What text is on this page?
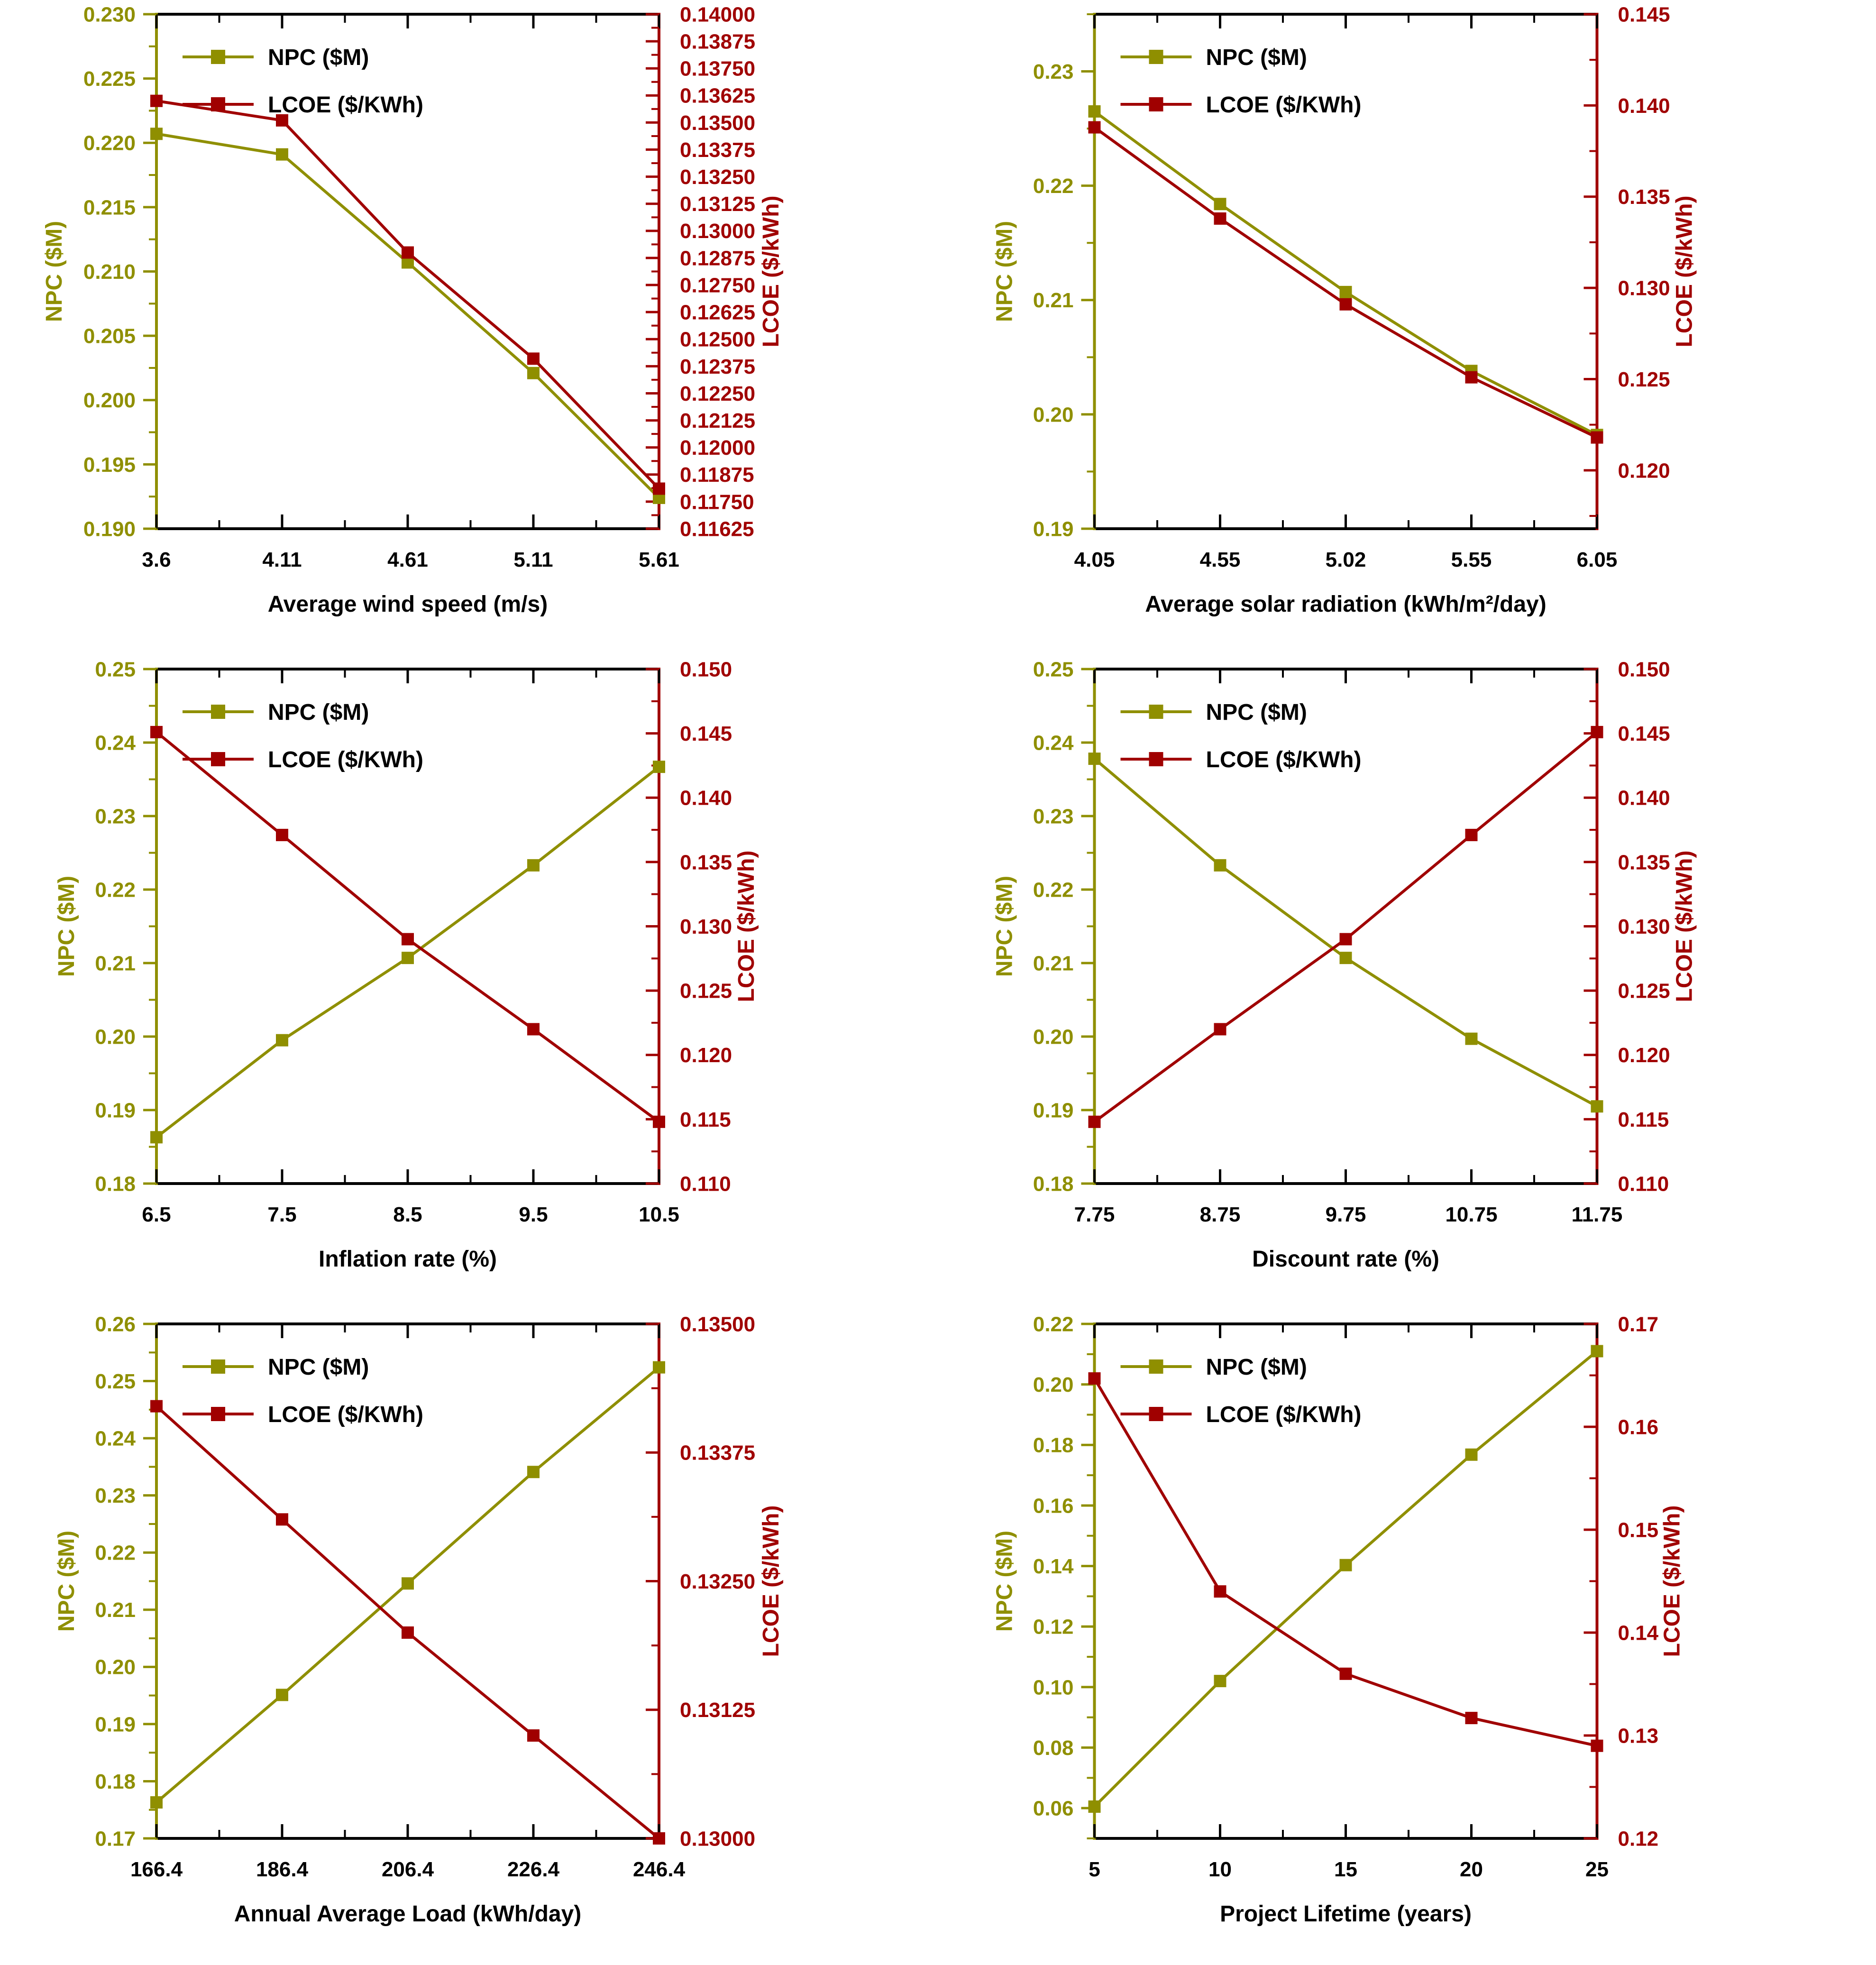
3.6	4.11	4.61	5.11	5.61
Average wind speed (m/s)
0.190
0.195
0.200
0.205
0.210
0.215
0.220
0.225
0.230
NPC ($M)
0.11625
0.11750
0.11875
0.12000
0.12125
0.12250
0.12375
0.12500
0.12625
0.12750
0.12875
0.13000
0.13125
0.13250
0.13375
0.13500
0.13625
0.13750
0.13875
0.14000
LCOE ($/kWh)
NPC ($M)
LCOE ($/KWh)
4.05	4.55	5.02	5.55	6.05
Average solar radiation (kWh/m²/day)
0.19
0.20
0.21
0.22
0.23
NPC ($M)
0.120
0.125
0.130
0.135
0.140
0.145
LCOE ($/kWh)
NPC ($M)
LCOE ($/KWh)
6.5	7.5	8.5	9.5	10.5
Inflation rate (%)
0.18
0.19
0.20
0.21
0.22
0.23
0.24
0.25
NPC ($M)
0.110
0.115
0.120
0.125
0.130
0.135
0.140
0.145
0.150
LCOE ($/kWh)
NPC ($M)
LCOE ($/KWh)
7.75	8.75	9.75	10.75	11.75
Discount rate (%)
0.18
0.19
0.20
0.21
0.22
0.23
0.24
0.25
NPC ($M)
0.110
0.115
0.120
0.125
0.130
0.135
0.140
0.145
0.150
LCOE ($/kWh)
NPC ($M)
LCOE ($/KWh)
166.4	186.4	206.4	226.4	246.4
Annual Average Load (kWh/day)
0.17
0.18
0.19
0.20
0.21
0.22
0.23
0.24
0.25
0.26
NPC ($M)
0.13000
0.13125
0.13250
0.13375
0.13500
LCOE ($/kWh)
NPC ($M)
LCOE ($/KWh)
5	10	15	20	25
Project Lifetime (years)
0.06
0.08
0.10
0.12
0.14
0.16
0.18
0.20
0.22
NPC ($M)
0.12
0.13
0.14
0.15
0.16
0.17
LCOE ($/kWh)
NPC ($M)
LCOE ($/KWh)
